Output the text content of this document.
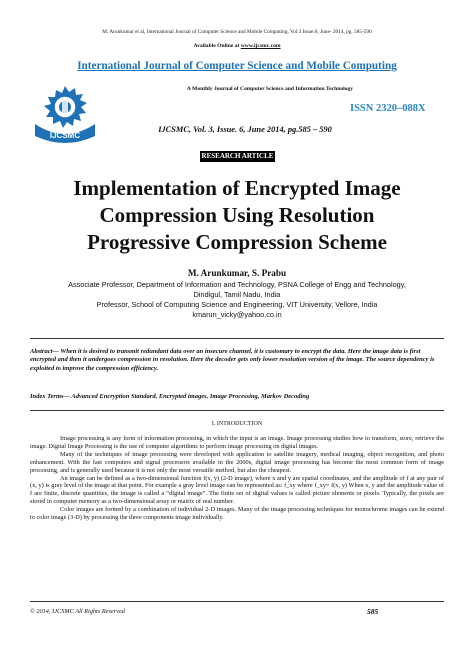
M. Arunkumar et al, International Journal of Computer Science and Mobile Computing, Vol.3 Issue.6, June- 2014, pg. 585-590
Available Online at www.ijcsmc.com
International Journal of Computer Science and Mobile Computing
IJCSMC
A Monthly Journal of Computer Science and Information Technology
ISSN 2320–088X
IJCSMC, Vol. 3, Issue. 6, June 2014, pg.585 – 590
RESEARCH ARTICLE
Implementation of Encrypted Image
Compression Using Resolution
Progressive Compression Scheme
M. Arunkumar, S. Prabu
Associate Professor, Department of Information and Technology, PSNA College of Engg and Technology,
Dindigul, Tamil Nadu, India
Professor, School of Computing Science and Engineering, VIT University, Vellore, India
kmarun_vicky@yahoo.co.in
Abstract— When it is desired to transmit redundant data over an insecure channel, it is customary to encrypt the data. Here the image data is first encrypted and then it undergoes compression in resolution. Here the decoder gets only lower resolution version of the image. The source dependency is exploited to improve the compression efficiency.
Index Terms— Advanced Encryption Standard, Encrypted images, Image Processing, Markov Decoding
I. INTRODUCTION

Image processing is any form of information processing, in which the input is an image. Image processing studies how to transform, store, retrieve the image. Digital Image Processing is the use of computer algorithms to perform image processing on digital images.

Many of the techniques of image processing were developed with application to satellite imagery, medical imaging, object recognition, and photo enhancement. With the fast computers and signal processors available in the 2000s, digital image processing has become the most common form of image processing, and is generally used because it is not only the most versatile method, but also the cheapest.

An image can be defined as a two-dimensional function f(x, y) (2-D image), where x and y are spatial coordinates, and the amplitude of f at any pair of (x, y) is gray level of the image at that point. For example a gray level image can be represented as: f_xy where f_xy= f(x, y) When x, y and the amplitude value of f are finite, discrete quantities, the image is called a “digital image”. The finite set of digital values is called picture elements or pixels. Typically, the pixels are stored in computer memory as a two-dimensional array or matrix of real number.

Color images are formed by a combination of individual 2-D images. Many of the image processing techniques for monochrome images can be extend to color image (3-D) by processing the three components image individually.

© 2014, IJCSMC All Rights Reserved	585
